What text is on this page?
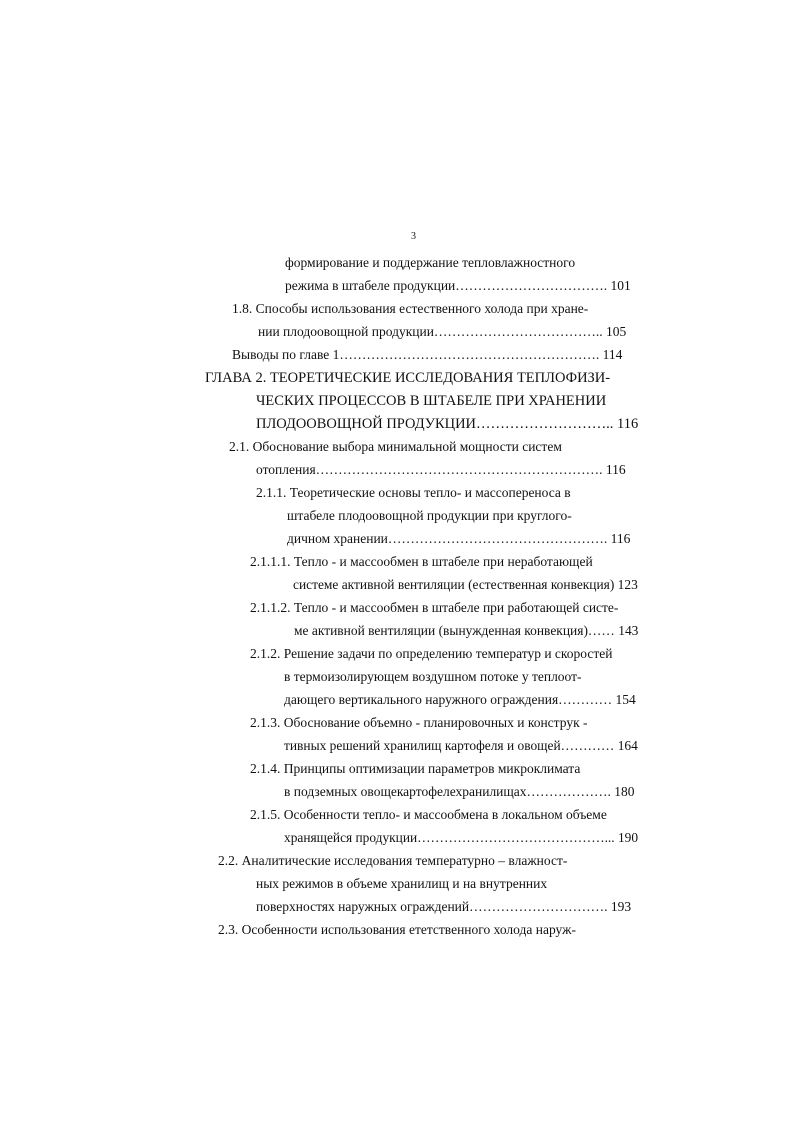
3
формирование и поддержание тепловлажностного
режима в штабеле продукции……………………………. 101
1.8. Способы использования естественного холода при хране-
нии плодоовощной продукции……………………………….. 105
Выводы по главе 1…………………………………………………. 114
ГЛАВА 2. ТЕОРЕТИЧЕСКИЕ ИССЛЕДОВАНИЯ ТЕПЛОФИЗИ-
ЧЕСКИХ ПРОЦЕССОВ В ШТАБЕЛЕ ПРИ ХРАНЕНИИ
ПЛОДООВОЩНОЙ ПРОДУКЦИИ……………………….. 116
2.1. Обоснование выбора минимальной мощности систем
отопления………………………………………………………. 116
2.1.1. Теоретические основы тепло- и массопереноса в
штабеле плодоовощной продукции при круглого-
дичном хранении…………………………………………. 116
2.1.1.1. Тепло - и массообмен в штабеле при неработающей
системе активной вентиляции (естественная конвекция) 123
2.1.1.2. Тепло - и массообмен в штабеле при работающей систе-
ме активной вентиляции (вынужденная конвекция)…… 143
2.1.2. Решение задачи по определению температур и скоростей
в термоизолирующем воздушном потоке у теплоот-
дающего вертикального наружного ограждения………… 154
2.1.3. Обоснование объемно - планировочных и конструк -
тивных решений хранилищ картофеля и овощей………… 164
2.1.4. Принципы оптимизации параметров микроклимата
в подземных овощекартофелехранилищах………………. 180
2.1.5. Особенности тепло- и массообмена в локальном объеме
хранящейся продукции……………………………………... 190
2.2. Аналитические исследования температурно – влажност-
ных режимов в объеме хранилищ и на внутренних
поверхностях наружных ограждений…………………………. 193
2.3. Особенности использования ететственного холода наруж-
